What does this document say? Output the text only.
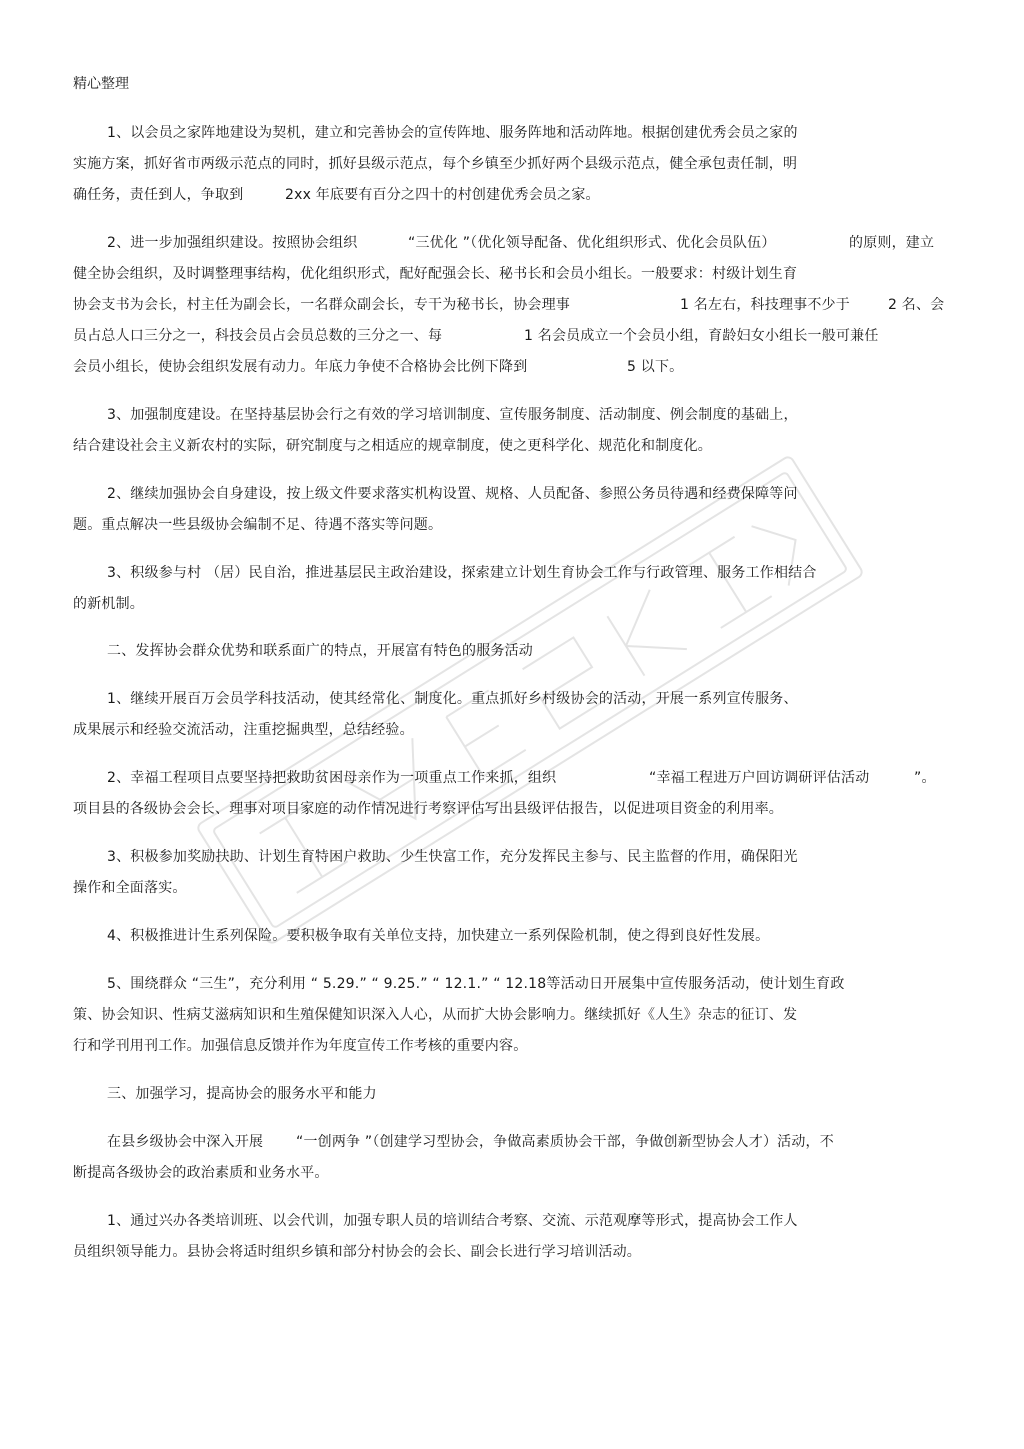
精心整理
1、以会员之家阵地建设为契机，建立和完善协会的宣传阵地、服务阵地和活动阵地。根据创建优秀会员之家的
实施方案，抓好省市两级示范点的同时，抓好县级示范点，每个乡镇至少抓好两个县级示范点，健全承包责任制，明
确任务，责任到人，争取到	2xx 年底要有百分之四十的村创建优秀会员之家。
2、进一步加强组织建设。按照协会组织	“三优化 ”（优化领导配备、优化组织形式、优化会员队伍）	的原则，建立
健全协会组织，及时调整理事结构，优化组织形式，配好配强会长、秘书长和会员小组长。一般要求：村级计划生育
协会支书为会长，村主任为副会长，一名群众副会长，专干为秘书长，协会理事	1 名左右，科技理事不少于	2 名、会
员占总人口三分之一，科技会员占会员总数的三分之一、每	1 名会员成立一个会员小组，育龄妇女小组长一般可兼任
会员小组长，使协会组织发展有动力。年底力争使不合格协会比例下降到	5 以下。
3、加强制度建设。在坚持基层协会行之有效的学习培训制度、宣传服务制度、活动制度、例会制度的基础上，
结合建设社会主义新农村的实际，研究制度与之相适应的规章制度，使之更科学化、规范化和制度化。
2、继续加强协会自身建设，按上级文件要求落实机构设置、规格、人员配备、参照公务员待遇和经费保障等问
题。重点解决一些县级协会编制不足、待遇不落实等问题。
3、积级参与村 （居）民自治，推进基层民主政治建设，探索建立计划生育协会工作与行政管理、服务工作相结合
的新机制。
二、发挥协会群众优势和联系面广的特点，开展富有特色的服务活动
1、继续开展百万会员学科技活动，使其经常化、制度化。重点抓好乡村级协会的活动，开展一系列宣传服务、
成果展示和经验交流活动，注重挖掘典型，总结经验。
2、幸福工程项目点要坚持把救助贫困母亲作为一项重点工作来抓，组织	“幸福工程进万户回访调研评估活动	”。
项目县的各级协会会长、理事对项目家庭的动作情况进行考察评估写出县级评估报告，以促进项目资金的利用率。
3、积极参加奖励扶助、计划生育特困户救助、少生快富工作，充分发挥民主参与、民主监督的作用，确保阳光
操作和全面落实。
4、积极推进计生系列保险。要积极争取有关单位支持，加快建立一系列保险机制，使之得到良好性发展。
5、围绕群众 “三生”，充分利用 “ 5.29.” “ 9.25.” “ 12.1.” “ 12.18等活动日开展集中宣传服务活动，使计划生育政
策、协会知识、性病艾滋病知识和生殖保健知识深入人心，从而扩大协会影响力。继续抓好《人生》杂志的征订、发
行和学刊用刊工作。加强信息反馈并作为年度宣传工作考核的重要内容。
三、加强学习，提高协会的服务水平和能力
在县乡级协会中深入开展 “一创两争 ”（创建学习型协会，争做高素质协会干部，争做创新型协会人才）活动，不
断提高各级协会的政治素质和业务水平。
1、通过兴办各类培训班、以会代训，加强专职人员的培训结合考察、交流、示范观摩等形式，提高协会工作人
员组织领导能力。县协会将适时组织乡镇和部分村协会的会长、副会长进行学习培训活动。
